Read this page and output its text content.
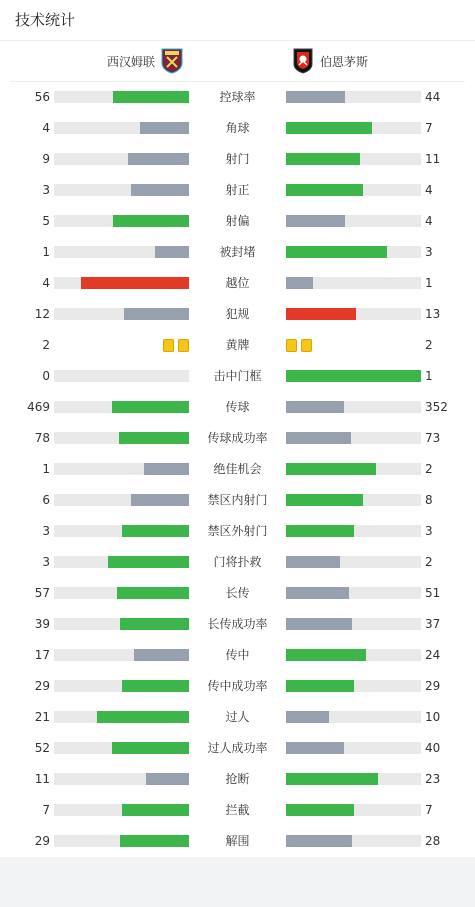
技术统计
西汉姆联	伯恩茅斯
56	控球率	44
4	角球	7
9	射门	11
3	射正	4
5	射偏	4
1	被封堵	3
4	越位	1
12	犯规	13
2	黄牌	2
0	击中门框	1
469	传球	352
78	传球成功率	73
1	绝佳机会	2
6	禁区内射门	8
3	禁区外射门	3
3	门将扑救	2
57	长传	51
39	长传成功率	37
17	传中	24
29	传中成功率	29
21	过人	10
52	过人成功率	40
11	抢断	23
7	拦截	7
29	解围	28
